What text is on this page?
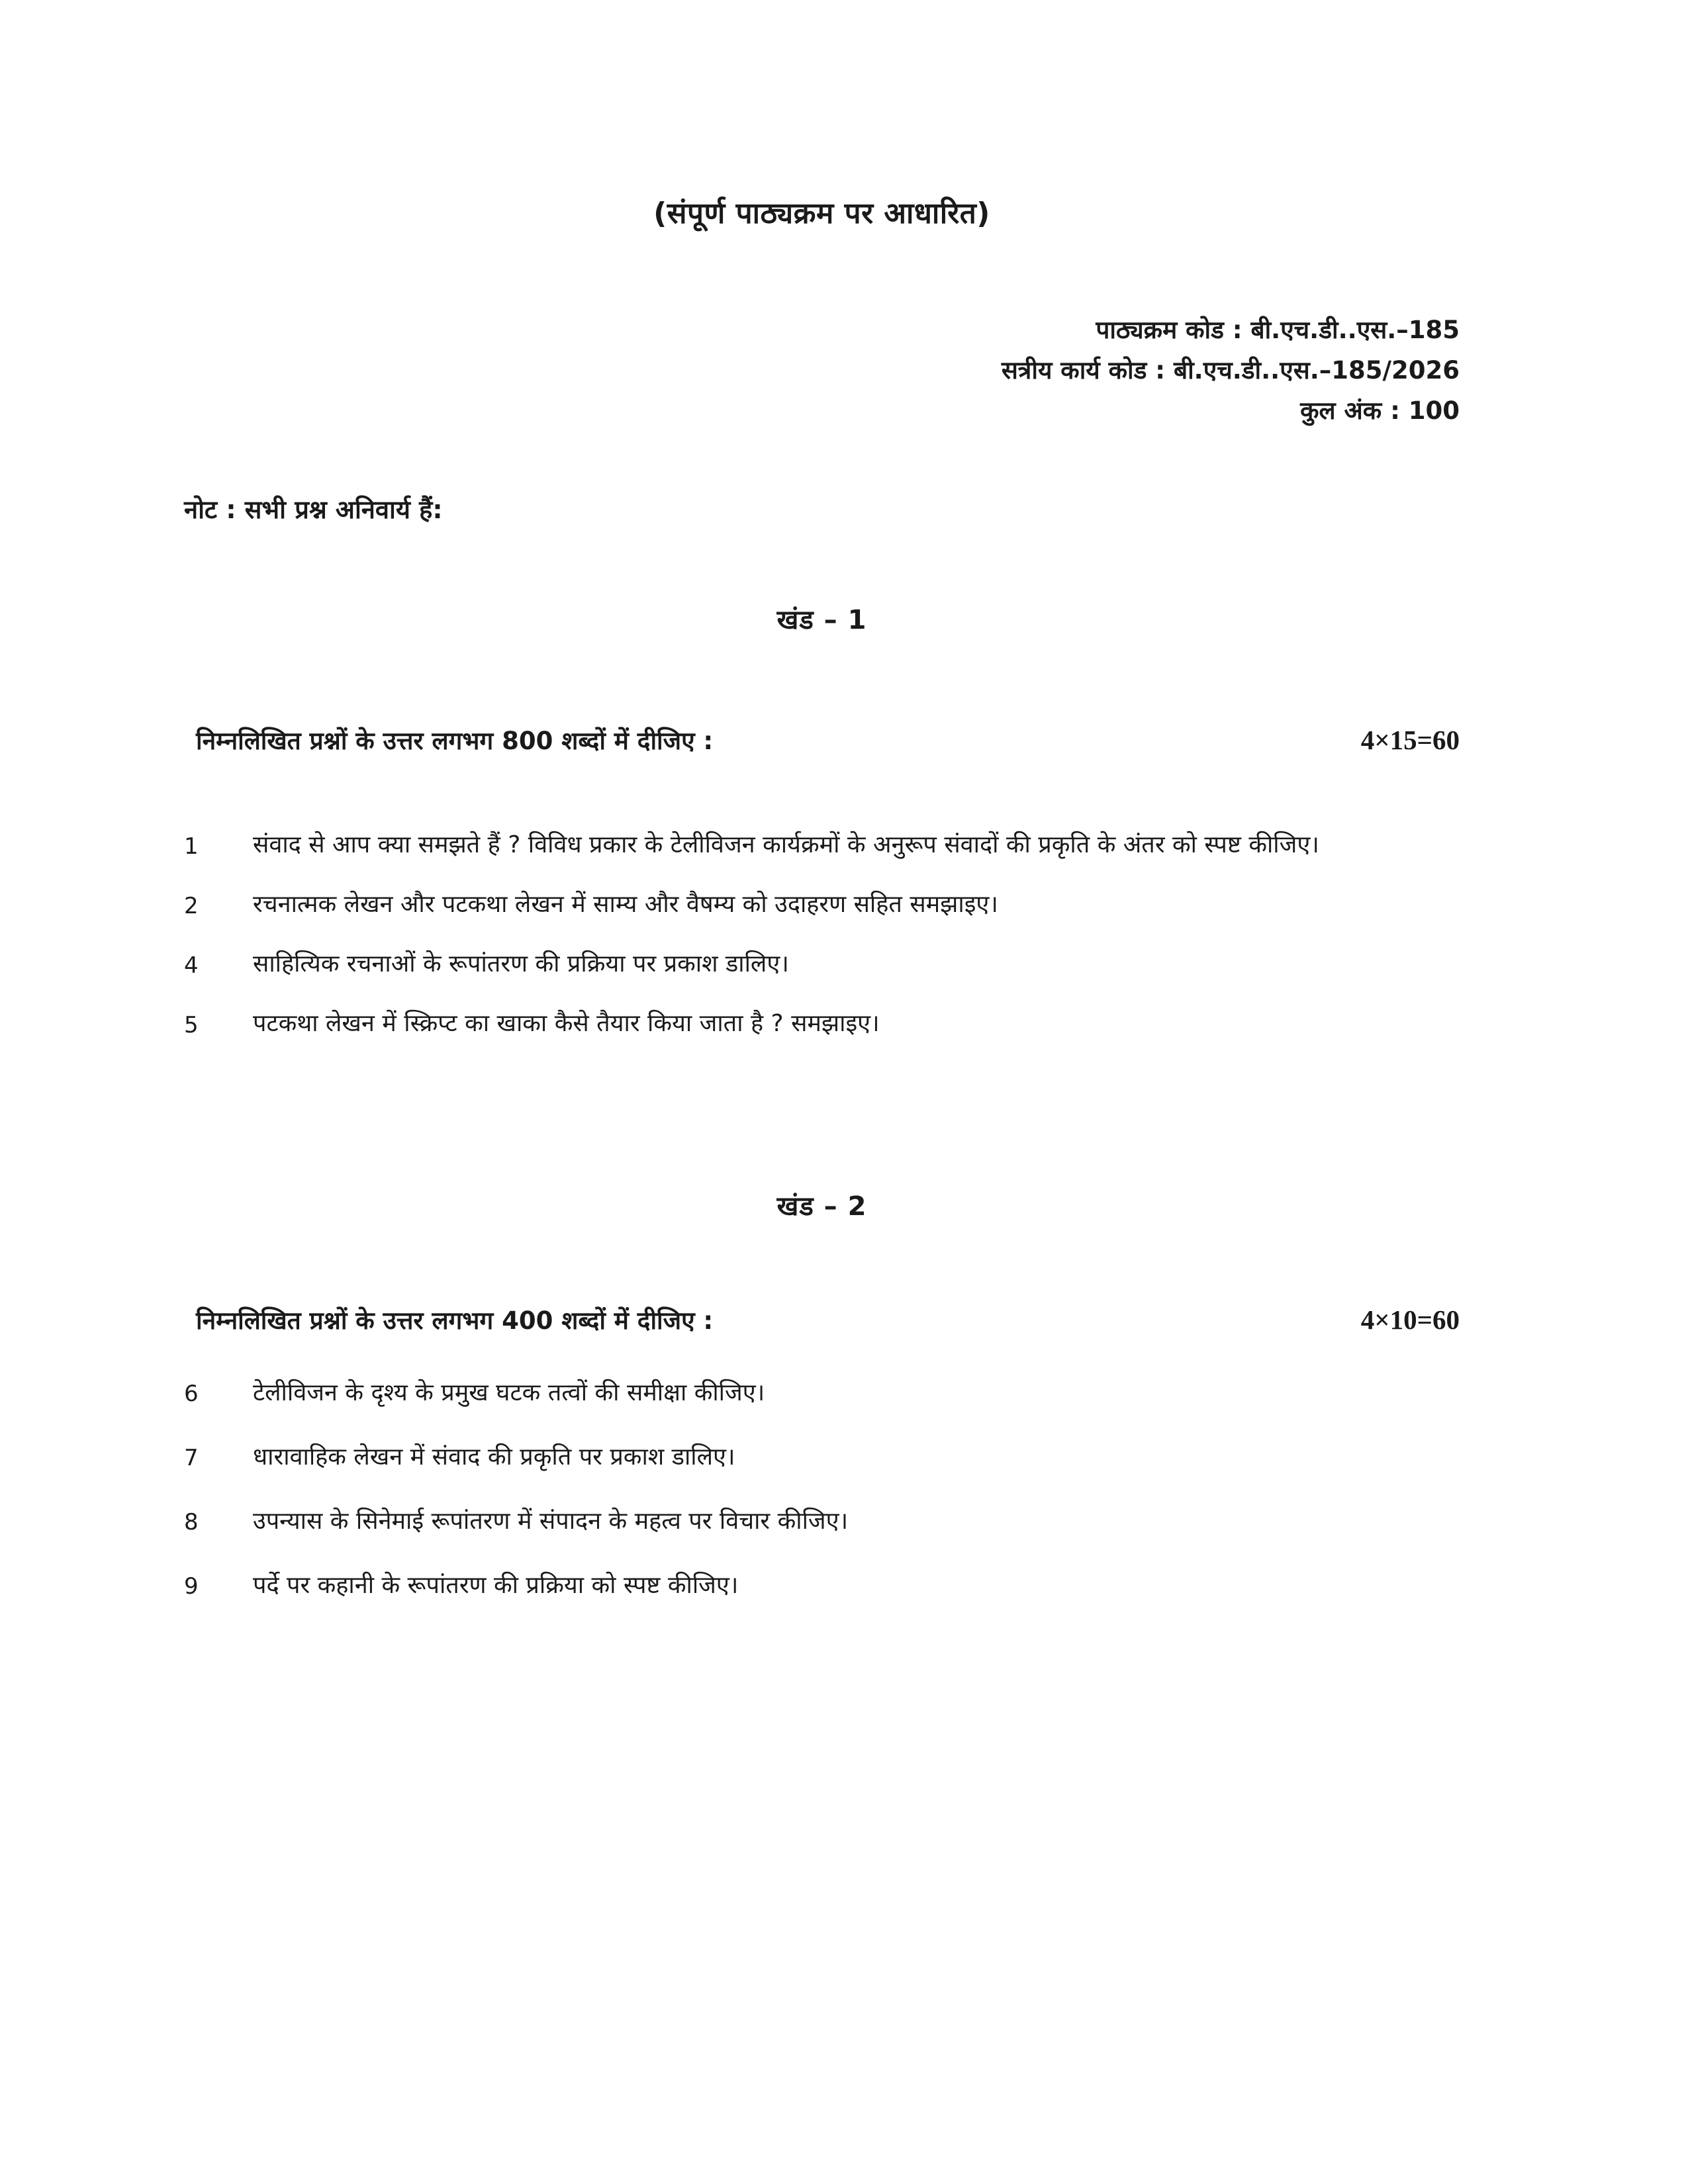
(संपूर्ण पाठ्यक्रम पर आधारित)
पाठ्यक्रम कोड : बी.एच.डी..एस.–185
सत्रीय कार्य कोड : बी.एच.डी..एस.–185/2026
कुल अंक : 100
नोट : सभी प्रश्न अनिवार्य हैं:
खंड – 1
निम्नलिखित प्रश्नों के उत्तर लगभग 800 शब्दों में दीजिए :	4×15=60
1	संवाद से आप क्या समझते हैं ? विविध प्रकार के टेलीविजन कार्यक्रमों के अनुरूप संवादों की प्रकृति के अंतर को स्पष्ट कीजिए।
2	रचनात्मक लेखन और पटकथा लेखन में साम्य और वैषम्य को उदाहरण सहित समझाइए।
4	साहित्यिक रचनाओं के रूपांतरण की प्रक्रिया पर प्रकाश डालिए।
5	पटकथा लेखन में स्क्रिप्ट का खाका कैसे तैयार किया जाता है ? समझाइए।
खंड – 2
निम्नलिखित प्रश्नों के उत्तर लगभग 400 शब्दों में दीजिए :	4×10=60
6	टेलीविजन के दृश्य के प्रमुख घटक तत्वों की समीक्षा कीजिए।
7	धारावाहिक लेखन में संवाद की प्रकृति पर प्रकाश डालिए।
8	उपन्यास के सिनेमाई रूपांतरण में संपादन के महत्व पर विचार कीजिए।
9	पर्दे पर कहानी के रूपांतरण की प्रक्रिया को स्पष्ट कीजिए।
